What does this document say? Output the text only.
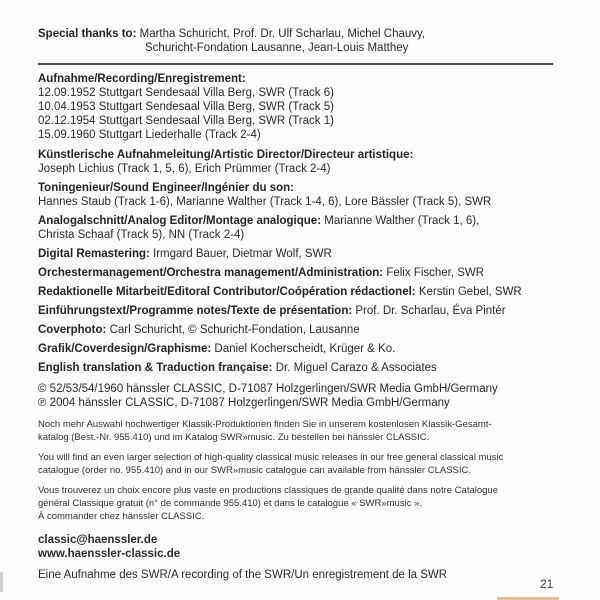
Special thanks to: Martha Schuricht, Prof. Dr. Ulf Scharlau, Michel Chauvy,
Schuricht-Fondation Lausanne, Jean-Louis Matthey
Aufnahme/Recording/Enregistrement:
12.09.1952 Stuttgart Sendesaal Villa Berg, SWR (Track 6)
10.04.1953 Stuttgart Sendesaal Villa Berg, SWR (Track 5)
02.12.1954 Stuttgart Sendesaal Villa Berg, SWR (Track 1)
15.09.1960 Stuttgart Liederhalle (Track 2-4)
Künstlerische Aufnahmeleitung/Artistic Director/Directeur artistique:
Joseph Lichius (Track 1, 5, 6), Erich Prümmer (Track 2-4)
Toningenieur/Sound Engineer/Ingénier du son:
Hannes Staub (Track 1-6), Marianne Walther (Track 1-4, 6), Lore Bässler (Track 5), SWR
Analogalschnitt/Analog Editor/Montage analogique: Marianne Walther (Track 1, 6),
Christa Schaaf (Track 5), NN (Track 2-4)
Digital Remastering: Irmgard Bauer, Dietmar Wolf, SWR
Orchestermanagement/Orchestra management/Administration: Felix Fischer, SWR
Redaktionelle Mitarbeit/Editoral Contributor/Coópération rédactionel: Kerstin Gebel, SWR
Einführungstext/Programme notes/Texte de présentation: Prof. Dr. Scharlau, Éva Pintér
Coverphoto: Carl Schuricht, © Schuricht-Fondation, Lausanne
Grafik/Coverdesign/Graphisme: Daniel Kocherscheidt, Krüger & Ko.
English translation & Traduction française: Dr. Miguel Carazo & Associates
© 52/53/54/1960 hänssler CLASSIC, D-71087 Holzgerlingen/SWR Media GmbH/Germany
℗ 2004 hänssler CLASSIC, D-71087 Holzgerlingen/SWR Media GmbH/Germany
Noch mehr Auswahl hochwertiger Klassik-Produktionen finden Sie in unserem kostenlosen Klassik-Gesamt-
katalog (Best.-Nr. 955.410) und im Katalog SWR»music. Zu bestellen bei hänssler CLASSIC.
You will find an even larger selection of high-quality classical music releases in our free general classical music
catalogue (order no. 955.410) and in our SWR»music catalogue can available from hänssler CLASSIC.
Vous trouverez un choix encore plus vaste en productions classiques de grande qualité dans notre Catalogue
général Classique gratuit (n° de commande 955.410) et dans le catalogue « SWR»music ».
À commander chez hänssler CLASSIC.
classic@haenssler.de
www.haenssler-classic.de
Eine Aufnahme des SWR/A recording of the SWR/Un enregistrement de la SWR
21
